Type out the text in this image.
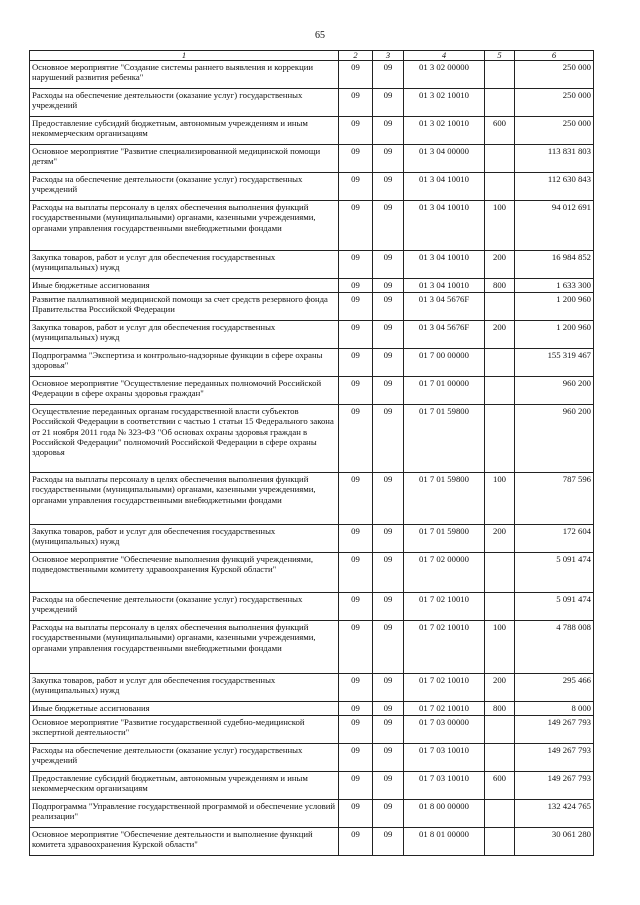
65
1	2	3	4	5	6
Основное мероприятие "Создание системы раннего выявления и коррекции нарушений развития ребенка"	09	09	01 3 02 00000		250 000
Расходы на обеспечение деятельности (оказание услуг) государственных учреждений	09	09	01 3 02 10010		250 000
Предоставление субсидий бюджетным, автономным учреждениям и иным некоммерческим организациям	09	09	01 3 02 10010	600	250 000
Основное мероприятие "Развитие специализированной медицинской помощи детям"	09	09	01 3 04 00000		113 831 803
Расходы на обеспечение деятельности (оказание услуг) государственных учреждений	09	09	01 3 04 10010		112 630 843
Расходы на выплаты персоналу в целях обеспечения выполнения функций государственными (муниципальными) органами, казенными учреждениями, органами управления государственными внебюджетными фондами	09	09	01 3 04 10010	100	94 012 691
Закупка товаров, работ и услуг для обеспечения государственных (муниципальных) нужд	09	09	01 3 04 10010	200	16 984 852
Иные бюджетные ассигнования	09	09	01 3 04 10010	800	1 633 300
Развитие паллиативной медицинской помощи за счет средств резервного фонда Правительства Российской Федерации	09	09	01 3 04 5676F		1 200 960
Закупка товаров, работ и услуг для обеспечения государственных (муниципальных) нужд	09	09	01 3 04 5676F	200	1 200 960
Подпрограмма "Экспертиза и контрольно-надзорные функции в сфере охраны здоровья"	09	09	01 7 00 00000		155 319 467
Основное мероприятие "Осуществление переданных полномочий Российской Федерации в сфере охраны здоровья граждан"	09	09	01 7 01 00000		960 200
Осуществление переданных органам государственной власти субъектов Российской Федерации в соответствии с частью 1 статьи 15 Федерального закона от 21 ноября 2011 года № 323-ФЗ "Об основах охраны здоровья граждан в Российской Федерации" полномочий Российской Федерации в сфере охраны здоровья	09	09	01 7 01 59800		960 200
Расходы на выплаты персоналу в целях обеспечения выполнения функций государственными (муниципальными) органами, казенными учреждениями, органами управления государственными внебюджетными фондами	09	09	01 7 01 59800	100	787 596
Закупка товаров, работ и услуг для обеспечения государственных (муниципальных) нужд	09	09	01 7 01 59800	200	172 604
Основное мероприятие "Обеспечение выполнения функций учреждениями, подведомственными комитету здравоохранения Курской области"	09	09	01 7 02 00000		5 091 474
Расходы на обеспечение деятельности (оказание услуг) государственных учреждений	09	09	01 7 02 10010		5 091 474
Расходы на выплаты персоналу в целях обеспечения выполнения функций государственными (муниципальными) органами, казенными учреждениями, органами управления государственными внебюджетными фондами	09	09	01 7 02 10010	100	4 788 008
Закупка товаров, работ и услуг для обеспечения государственных (муниципальных) нужд	09	09	01 7 02 10010	200	295 466
Иные бюджетные ассигнования	09	09	01 7 02 10010	800	8 000
Основное мероприятие "Развитие государственной судебно-медицинской экспертной деятельности"	09	09	01 7 03 00000		149 267 793
Расходы на обеспечение деятельности (оказание услуг) государственных учреждений	09	09	01 7 03 10010		149 267 793
Предоставление субсидий бюджетным, автономным учреждениям и иным некоммерческим организациям	09	09	01 7 03 10010	600	149 267 793
Подпрограмма "Управление государственной программой и обеспечение условий реализации"	09	09	01 8 00 00000		132 424 765
Основное мероприятие "Обеспечение деятельности и выполнение функций комитета здравоохранения Курской области"	09	09	01 8 01 00000		30 061 280
